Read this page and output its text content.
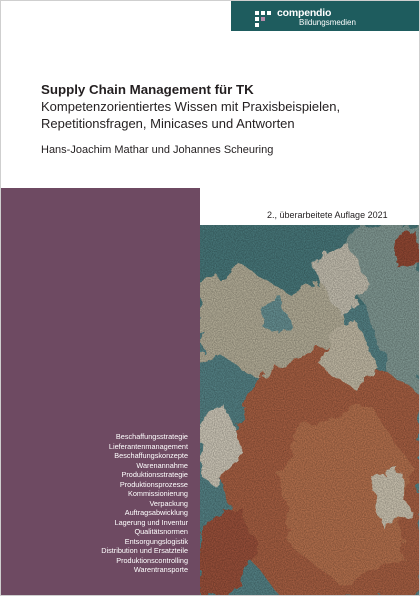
compendio
Bildungsmedien
Supply Chain Management für TK
Kompetenzorientiertes Wissen mit Praxisbeispielen,
Repetitionsfragen, Minicases und Antworten
Hans-Joachim Mathar und Johannes Scheuring
2., überarbeitete Auflage 2021
Beschaffungsstrategie
Lieferantenmanagement
Beschaffungskonzepte
Warenannahme
Produktionsstrategie
Produktionsprozesse
Kommissionierung
Verpackung
Auftragsabwicklung
Lagerung und Inventur
Qualitätsnormen
Entsorgungslogistik
Distribution und Ersatzteile
Produktionscontrolling
Warentransporte
